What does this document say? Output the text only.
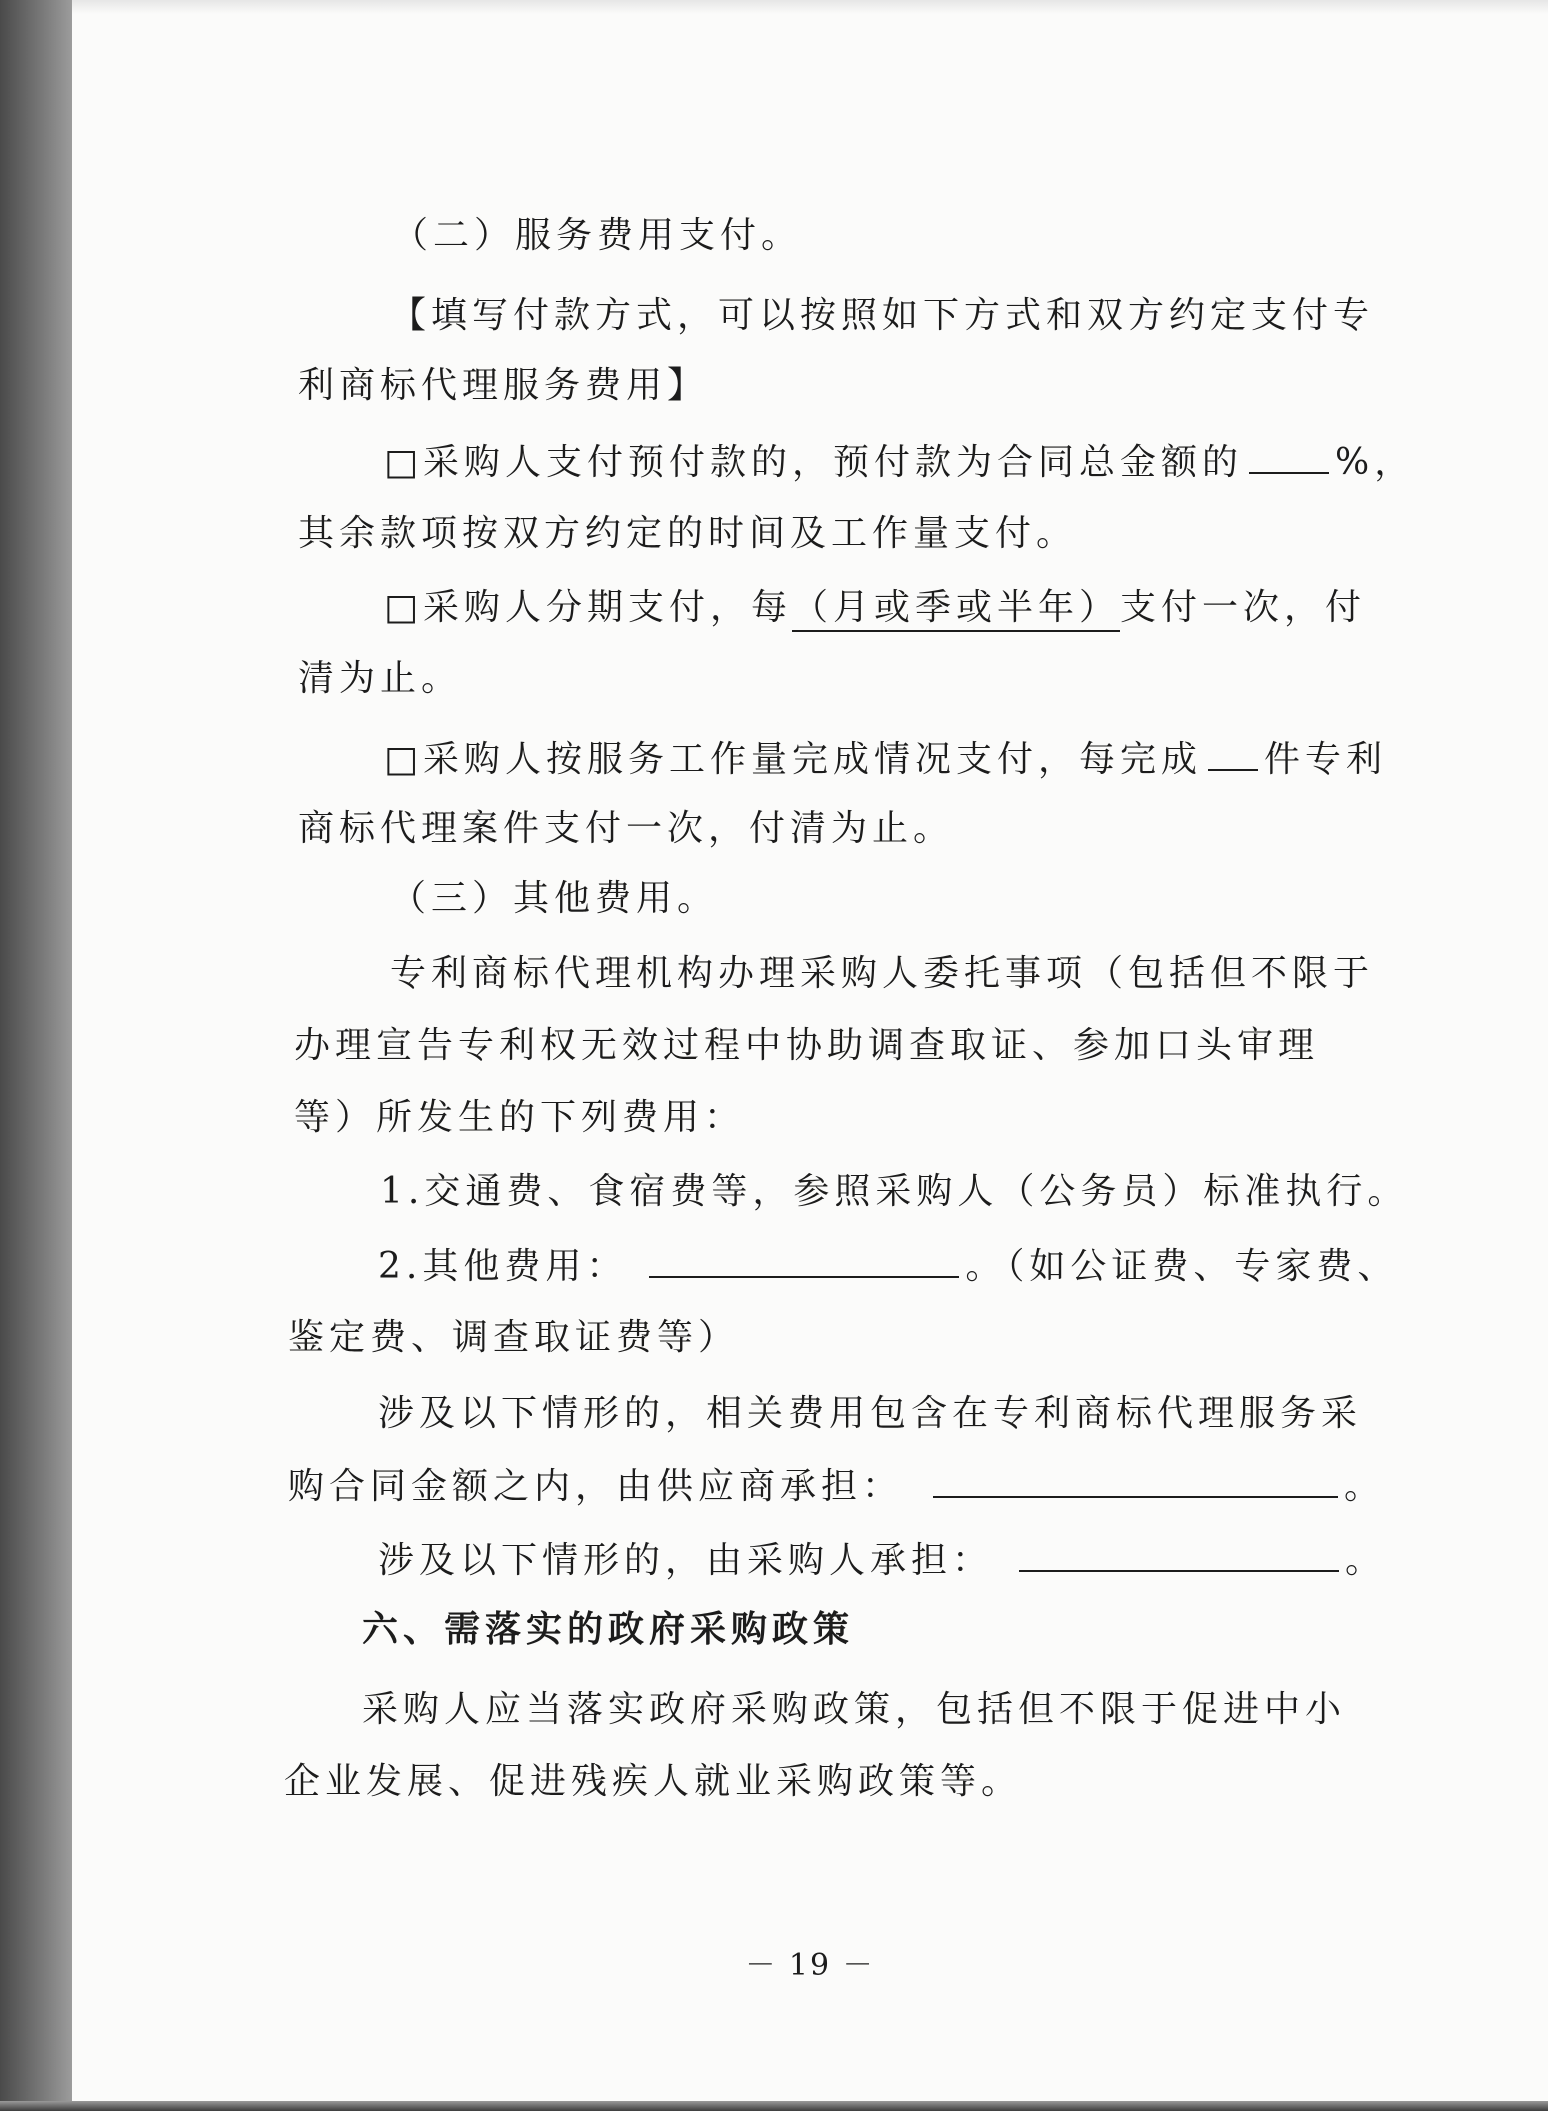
（二）服务费用支付。
【填写付款方式，可以按照如下方式和双方约定支付专
利商标代理服务费用】
□采购人支付预付款的，预付款为合同总金额的	%，
其余款项按双方约定的时间及工作量支付。
□采购人分期支付，每（月或季或半年）支付一次，付
清为止。
□采购人按服务工作量完成情况支付，每完成 件专利
商标代理案件支付一次，付清为止。
（三）其他费用。
专利商标代理机构办理采购人委托事项（包括但不限于
办理宣告专利权无效过程中协助调查取证、参加口头审理
等）所发生的下列费用：
1.交通费、食宿费等，参照采购人（公务员）标准执行。
2.其他费用：	。（如公证费、专家费、
鉴定费、调查取证费等）
涉及以下情形的，相关费用包含在专利商标代理服务采
购合同金额之内，由供应商承担：	。
涉及以下情形的，由采购人承担：	。
六、需落实的政府采购政策
采购人应当落实政府采购政策，包括但不限于促进中小
企业发展、促进残疾人就业采购政策等。
－ 19 －
